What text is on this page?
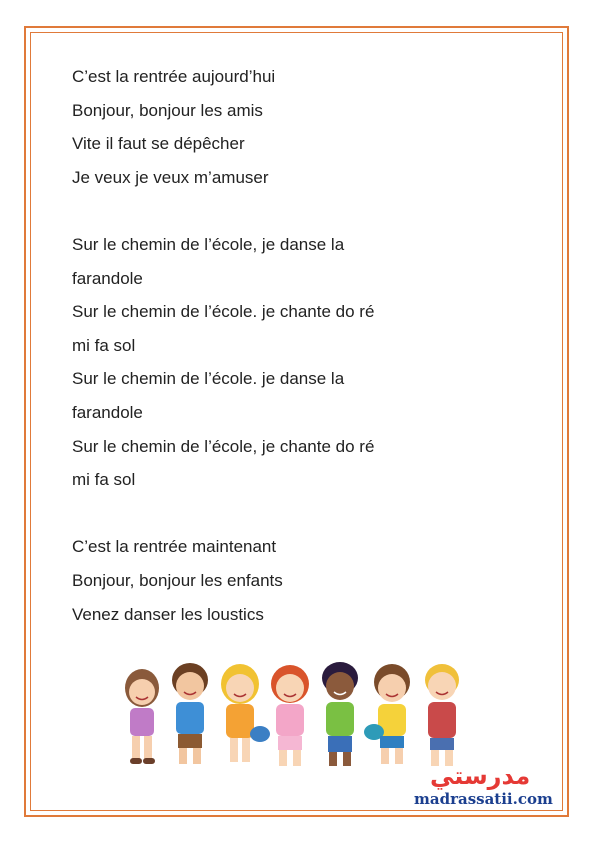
C’est la rentrée aujourd’hui
Bonjour, bonjour les amis
Vite il faut se dépêcher
Je veux je veux m’amuser
Sur le chemin de l’école, je danse la
farandole
Sur le chemin de l’école. je chante do ré
mi fa sol
Sur le chemin de l’école. je danse la
farandole
Sur le chemin de l’école, je chante do ré
mi fa sol
C’est la rentrée maintenant
Bonjour, bonjour les enfants
Venez danser les loustics
مدرستي
madrassatii.com
